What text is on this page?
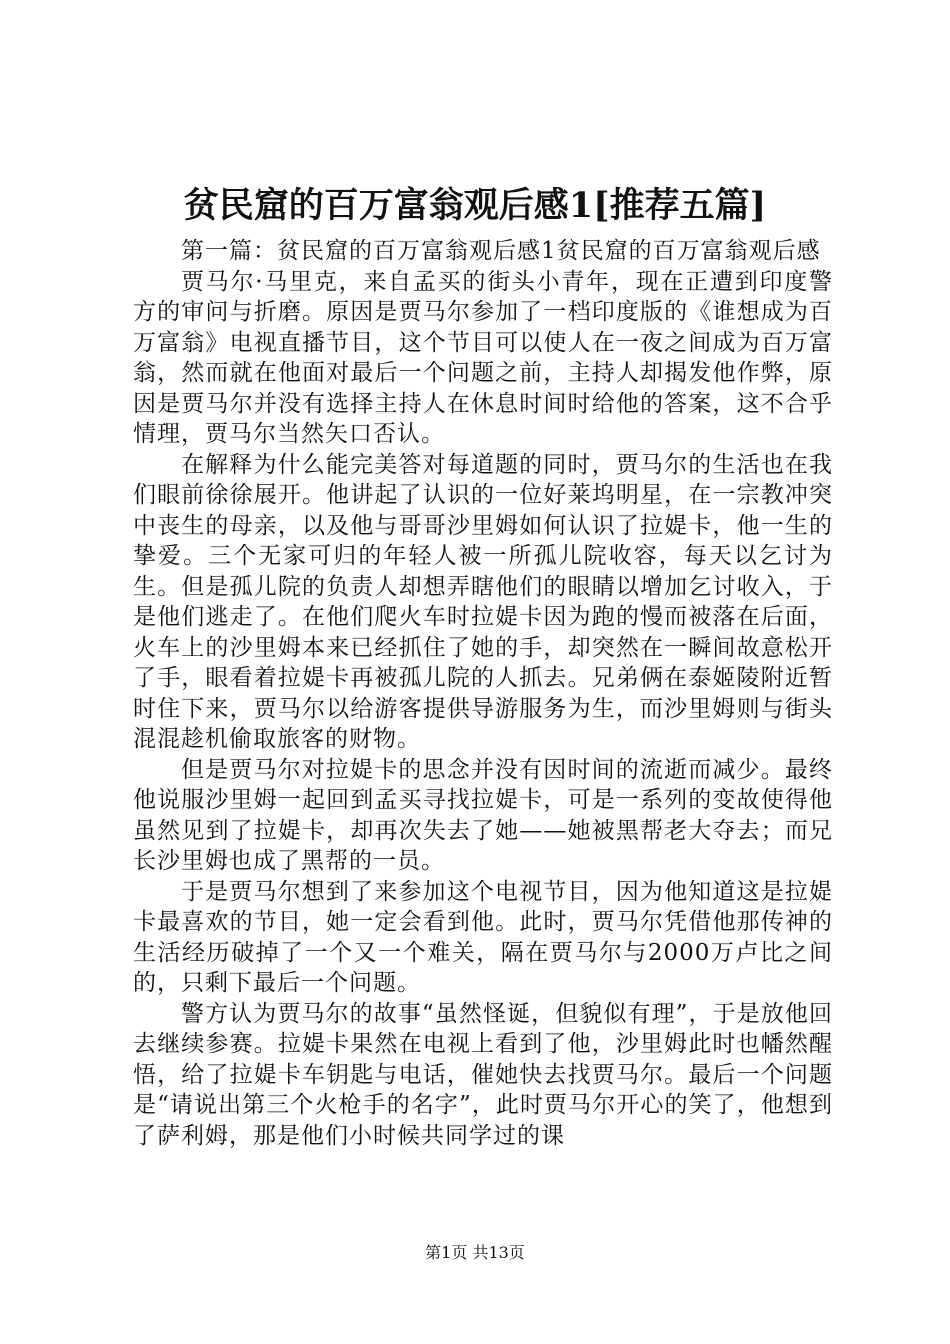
贫民窟的百万富翁观后感1[推荐五篇]

第一篇：贫民窟的百万富翁观后感1贫民窟的百万富翁观后感

贾马尔·马里克，来自孟买的街头小青年，现在正遭到印度警方的审问与折磨。原因是贾马尔参加了一档印度版的《谁想成为百万富翁》电视直播节目，这个节目可以使人在一夜之间成为百万富翁，然而就在他面对最后一个问题之前，主持人却揭发他作弊，原因是贾马尔并没有选择主持人在休息时间时给他的答案，这不合乎情理，贾马尔当然矢口否认。

在解释为什么能完美答对每道题的同时，贾马尔的生活也在我们眼前徐徐展开。他讲起了认识的一位好莱坞明星，在一宗教冲突中丧生的母亲，以及他与哥哥沙里姆如何认识了拉媞卡，他一生的挚爱。三个无家可归的年轻人被一所孤儿院收容，每天以乞讨为生。但是孤儿院的负责人却想弄瞎他们的眼睛以增加乞讨收入，于是他们逃走了。在他们爬火车时拉媞卡因为跑的慢而被落在后面，火车上的沙里姆本来已经抓住了她的手，却突然在一瞬间故意松开了手，眼看着拉媞卡再被孤儿院的人抓去。兄弟俩在泰姬陵附近暂时住下来，贾马尔以给游客提供导游服务为生，而沙里姆则与街头混混趁机偷取旅客的财物。

但是贾马尔对拉媞卡的思念并没有因时间的流逝而减少。最终他说服沙里姆一起回到孟买寻找拉媞卡，可是一系列的变故使得他虽然见到了拉媞卡，却再次失去了她——她被黑帮老大夺去；而兄长沙里姆也成了黑帮的一员。

于是贾马尔想到了来参加这个电视节目，因为他知道这是拉媞卡最喜欢的节目，她一定会看到他。此时，贾马尔凭借他那传神的生活经历破掉了一个又一个难关，隔在贾马尔与2000万卢比之间的，只剩下最后一个问题。

警方认为贾马尔的故事“虽然怪诞，但貌似有理”，于是放他回去继续参赛。拉媞卡果然在电视上看到了他，沙里姆此时也幡然醒悟，给了拉媞卡车钥匙与电话，催她快去找贾马尔。最后一个问题是“请说出第三个火枪手的名字”，此时贾马尔开心的笑了，他想到了萨利姆，那是他们小时候共同学过的课

第1页 共13页
